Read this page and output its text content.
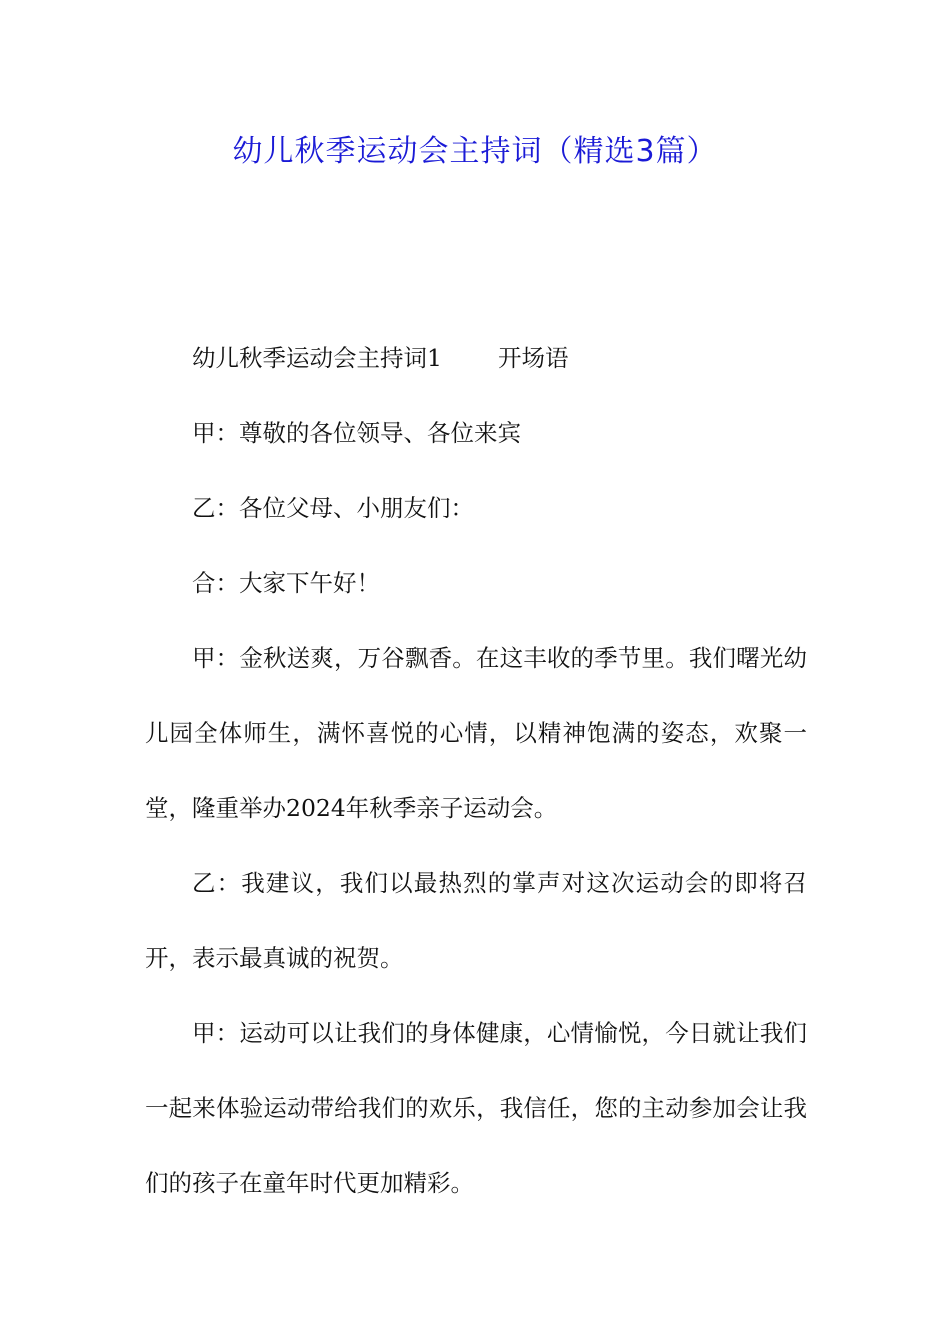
幼儿秋季运动会主持词（精选3篇）

幼儿秋季运动会主持词1 开场语

甲：尊敬的各位领导、各位来宾

乙：各位父母、小朋友们：

合：大家下午好！

甲：金秋送爽，万谷飘香。在这丰收的季节里。我们曙光幼儿园全体师生，满怀喜悦的心情，以精神饱满的姿态，欢聚一堂，隆重举办2024年秋季亲子运动会。

乙：我建议，我们以最热烈的掌声对这次运动会的即将召开，表示最真诚的祝贺。

甲：运动可以让我们的身体健康，心情愉悦，今日就让我们一起来体验运动带给我们的欢乐，我信任，您的主动参加会让我们的孩子在童年时代更加精彩。
